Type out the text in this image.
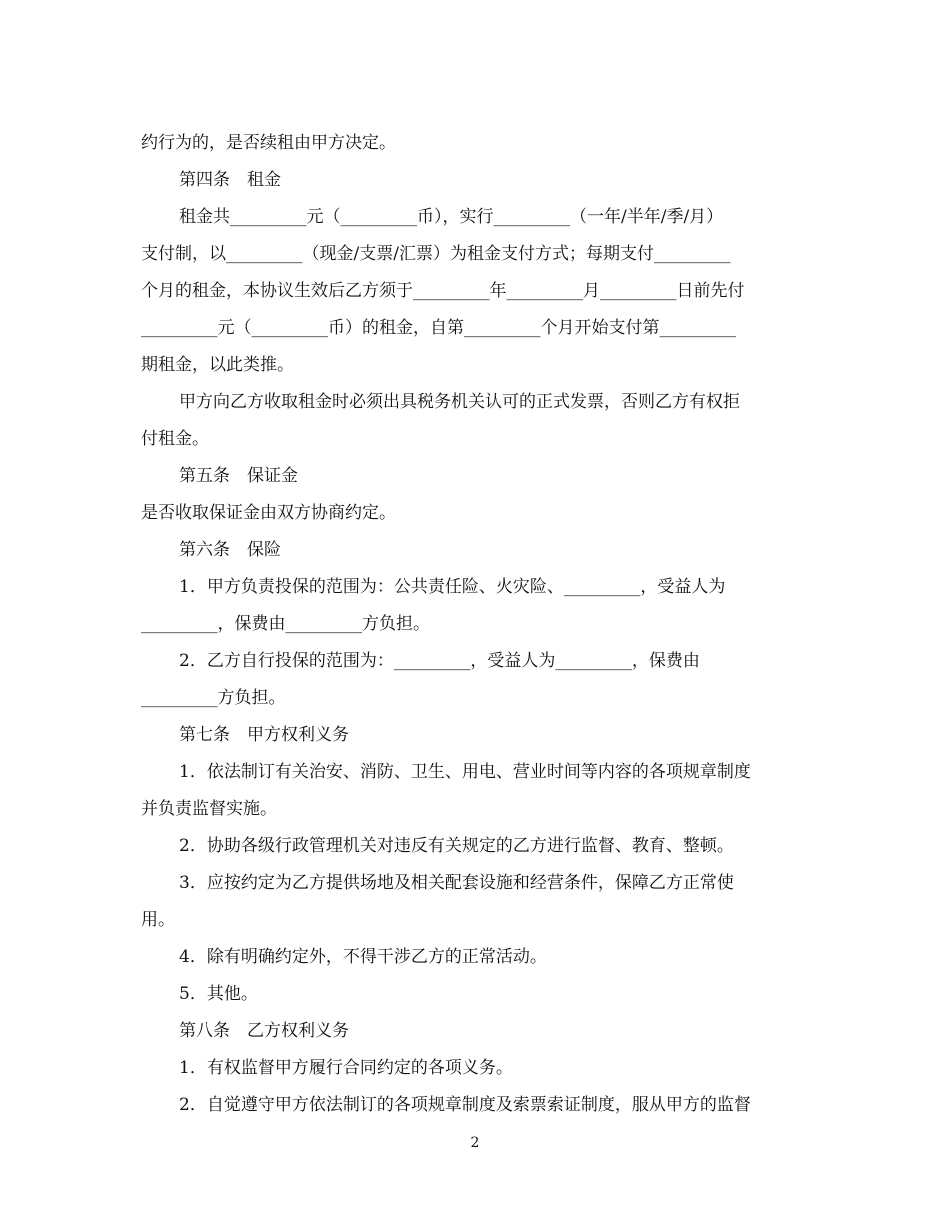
约行为的，是否续租由甲方决定。
第四条　租金
租金共_________元（_________币），实行_________（一年/半年/季/月）
支付制，以_________（现金/支票/汇票）为租金支付方式；每期支付_________
个月的租金，本协议生效后乙方须于_________年_________月_________日前先付
_________元（_________币）的租金，自第_________个月开始支付第_________
期租金，以此类推。
甲方向乙方收取租金时必须出具税务机关认可的正式发票，否则乙方有权拒
付租金。
第五条　保证金
是否收取保证金由双方协商约定。
第六条　保险
1．甲方负责投保的范围为：公共责任险、火灾险、_________，受益人为
_________，保费由_________方负担。
2．乙方自行投保的范围为：_________，受益人为_________，保费由
_________方负担。
第七条　甲方权利义务
1．依法制订有关治安、消防、卫生、用电、营业时间等内容的各项规章制度
并负责监督实施。
2．协助各级行政管理机关对违反有关规定的乙方进行监督、教育、整顿。
3．应按约定为乙方提供场地及相关配套设施和经营条件，保障乙方正常使
用。
4．除有明确约定外，不得干涉乙方的正常活动。
5．其他。
第八条　乙方权利义务
1．有权监督甲方履行合同约定的各项义务。
2．自觉遵守甲方依法制订的各项规章制度及索票索证制度，服从甲方的监督
2
